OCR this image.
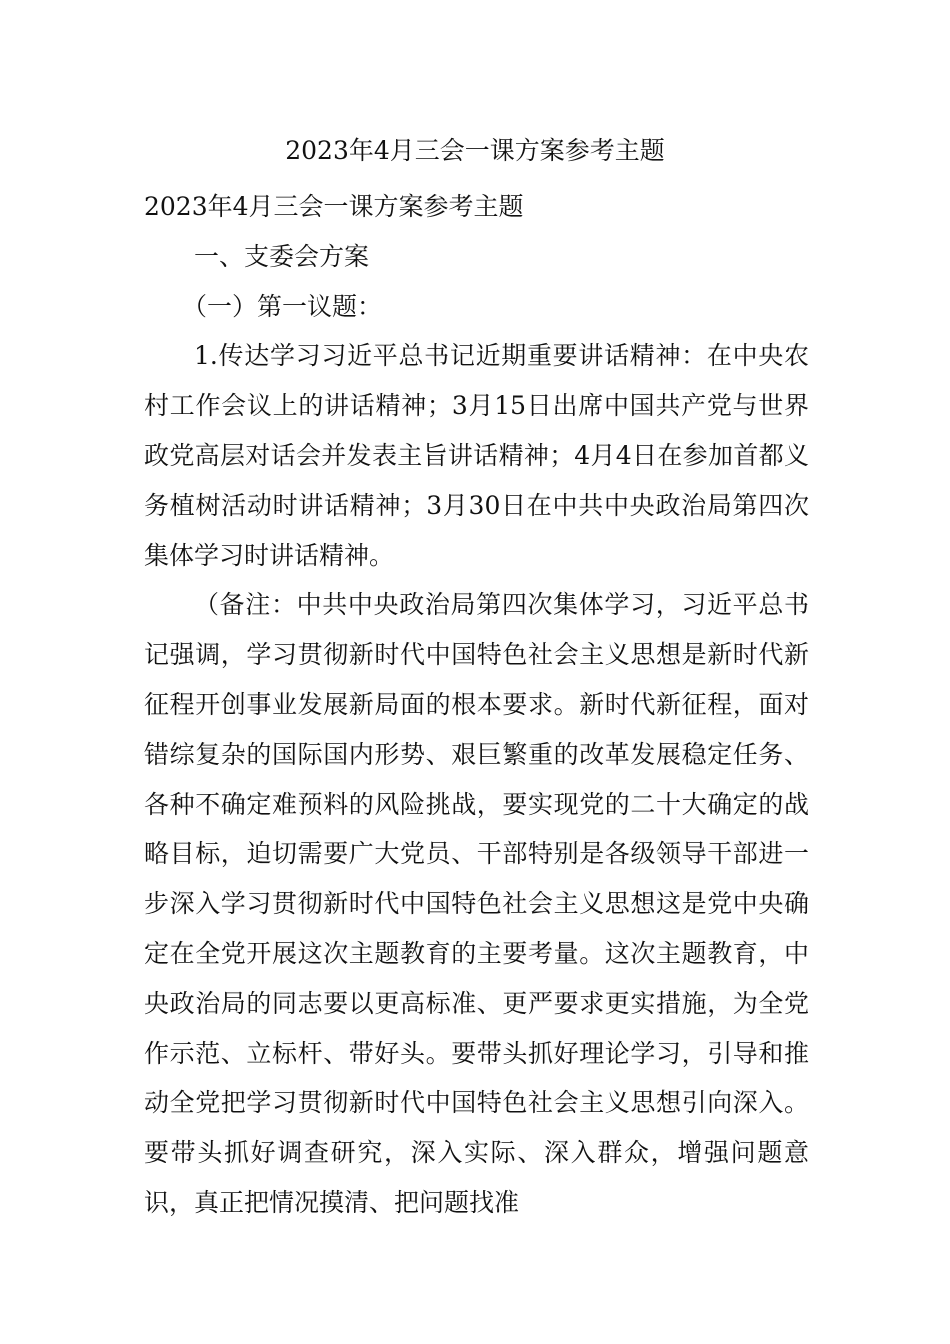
2023年4月三会一课方案参考主题

2023年4月三会一课方案参考主题

一、支委会方案

（一）第一议题：

1.传达学习习近平总书记近期重要讲话精神：在中央农村工作会议上的讲话精神；3月15日出席中国共产党与世界政党高层对话会并发表主旨讲话精神；4月4日在参加首都义务植树活动时讲话精神；3月30日在中共中央政治局第四次集体学习时讲话精神。

（备注：中共中央政治局第四次集体学习，习近平总书记强调，学习贯彻新时代中国特色社会主义思想是新时代新征程开创事业发展新局面的根本要求。新时代新征程，面对错综复杂的国际国内形势、艰巨繁重的改革发展稳定任务、各种不确定难预料的风险挑战，要实现党的二十大确定的战略目标，迫切需要广大党员、干部特别是各级领导干部进一步深入学习贯彻新时代中国特色社会主义思想这是党中央确定在全党开展这次主题教育的主要考量。这次主题教育，中央政治局的同志要以更高标准、更严要求更实措施，为全党作示范、立标杆、带好头。要带头抓好理论学习，引导和推动全党把学习贯彻新时代中国特色社会主义思想引向深入。要带头抓好调查研究，深入实际、深入群众，增强问题意识，真正把情况摸清、把问题找准
